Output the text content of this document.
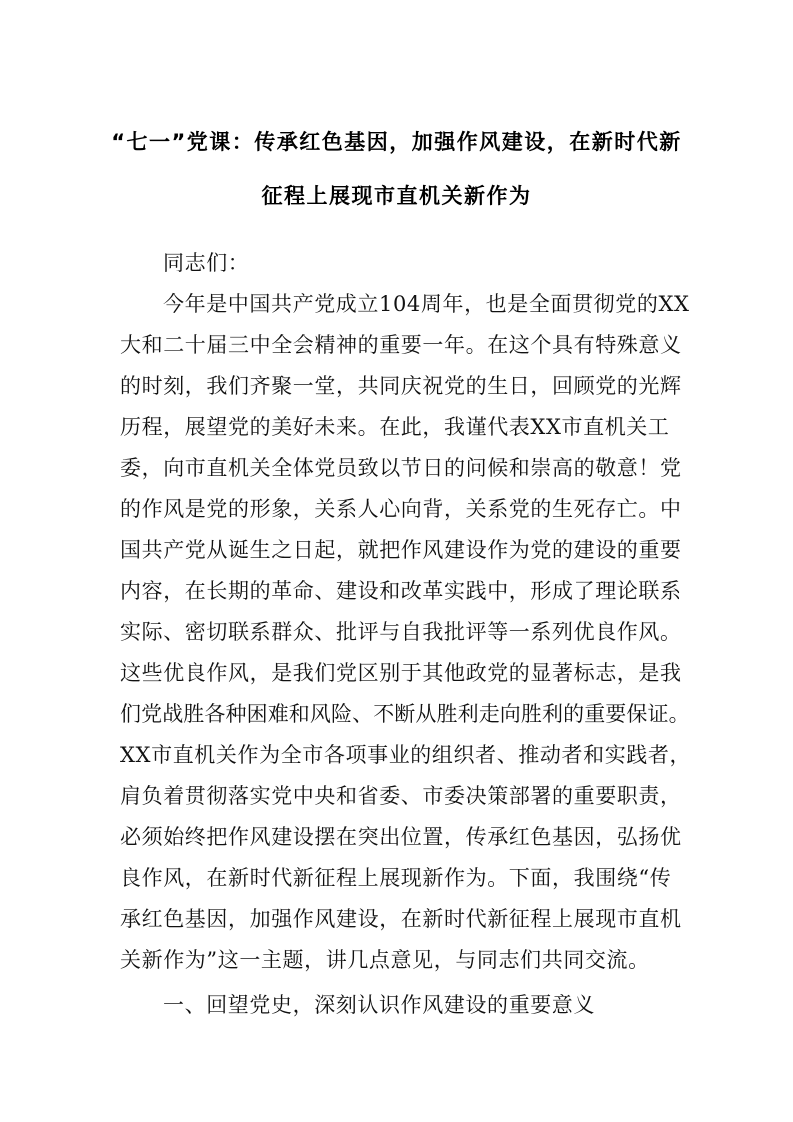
“七一”党课：传承红色基因，加强作风建设，在新时代新
征程上展现市直机关新作为
同志们：
今年是中国共产党成立104周年，也是全面贯彻党的XX
大和二十届三中全会精神的重要一年。在这个具有特殊意义
的时刻，我们齐聚一堂，共同庆祝党的生日，回顾党的光辉
历程，展望党的美好未来。在此，我谨代表XX市直机关工
委，向市直机关全体党员致以节日的问候和崇高的敬意！党
的作风是党的形象，关系人心向背，关系党的生死存亡。中
国共产党从诞生之日起，就把作风建设作为党的建设的重要
内容，在长期的革命、建设和改革实践中，形成了理论联系
实际、密切联系群众、批评与自我批评等一系列优良作风。
这些优良作风，是我们党区别于其他政党的显著标志，是我
们党战胜各种困难和风险、不断从胜利走向胜利的重要保证。
XX市直机关作为全市各项事业的组织者、推动者和实践者，
肩负着贯彻落实党中央和省委、市委决策部署的重要职责，
必须始终把作风建设摆在突出位置，传承红色基因，弘扬优
良作风，在新时代新征程上展现新作为。下面，我围绕“传
承红色基因，加强作风建设，在新时代新征程上展现市直机
关新作为”这一主题，讲几点意见，与同志们共同交流。
一、回望党史，深刻认识作风建设的重要意义
